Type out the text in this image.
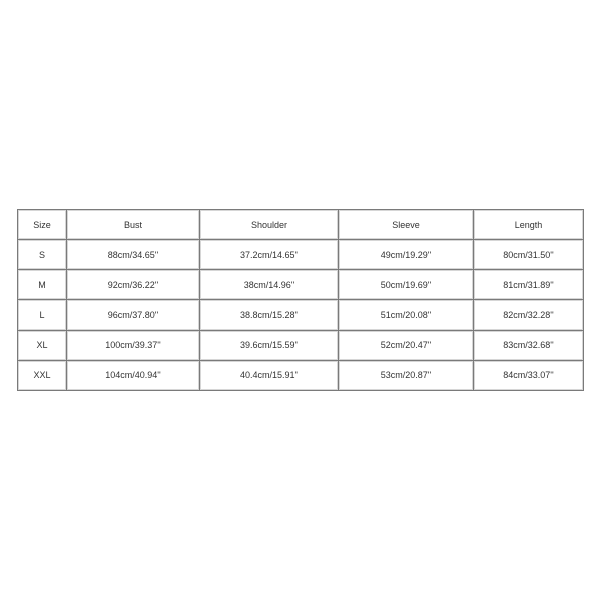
Size	Bust	Shoulder	Sleeve	Length
S	88cm/34.65''	37.2cm/14.65''	49cm/19.29''	80cm/31.50''
M	92cm/36.22''	38cm/14.96''	50cm/19.69''	81cm/31.89''
L	96cm/37.80''	38.8cm/15.28''	51cm/20.08''	82cm/32.28''
XL	100cm/39.37''	39.6cm/15.59''	52cm/20.47''	83cm/32.68''
XXL	104cm/40.94''	40.4cm/15.91''	53cm/20.87''	84cm/33.07''
